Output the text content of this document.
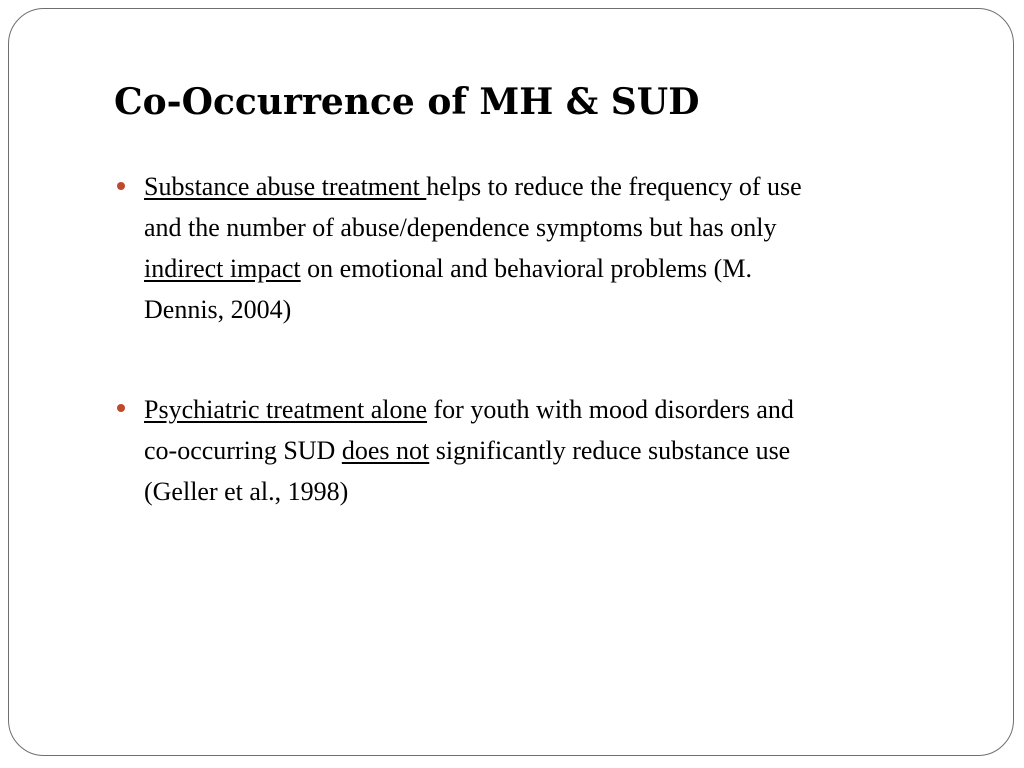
Co-Occurrence of MH & SUD

Substance abuse treatment helps to reduce the frequency of use
and the number of abuse/dependence symptoms but has only
indirect impact on emotional and behavioral problems (M.
Dennis, 2004)

Psychiatric treatment alone for youth with mood disorders and
co-occurring SUD does not significantly reduce substance use
(Geller et al., 1998)
